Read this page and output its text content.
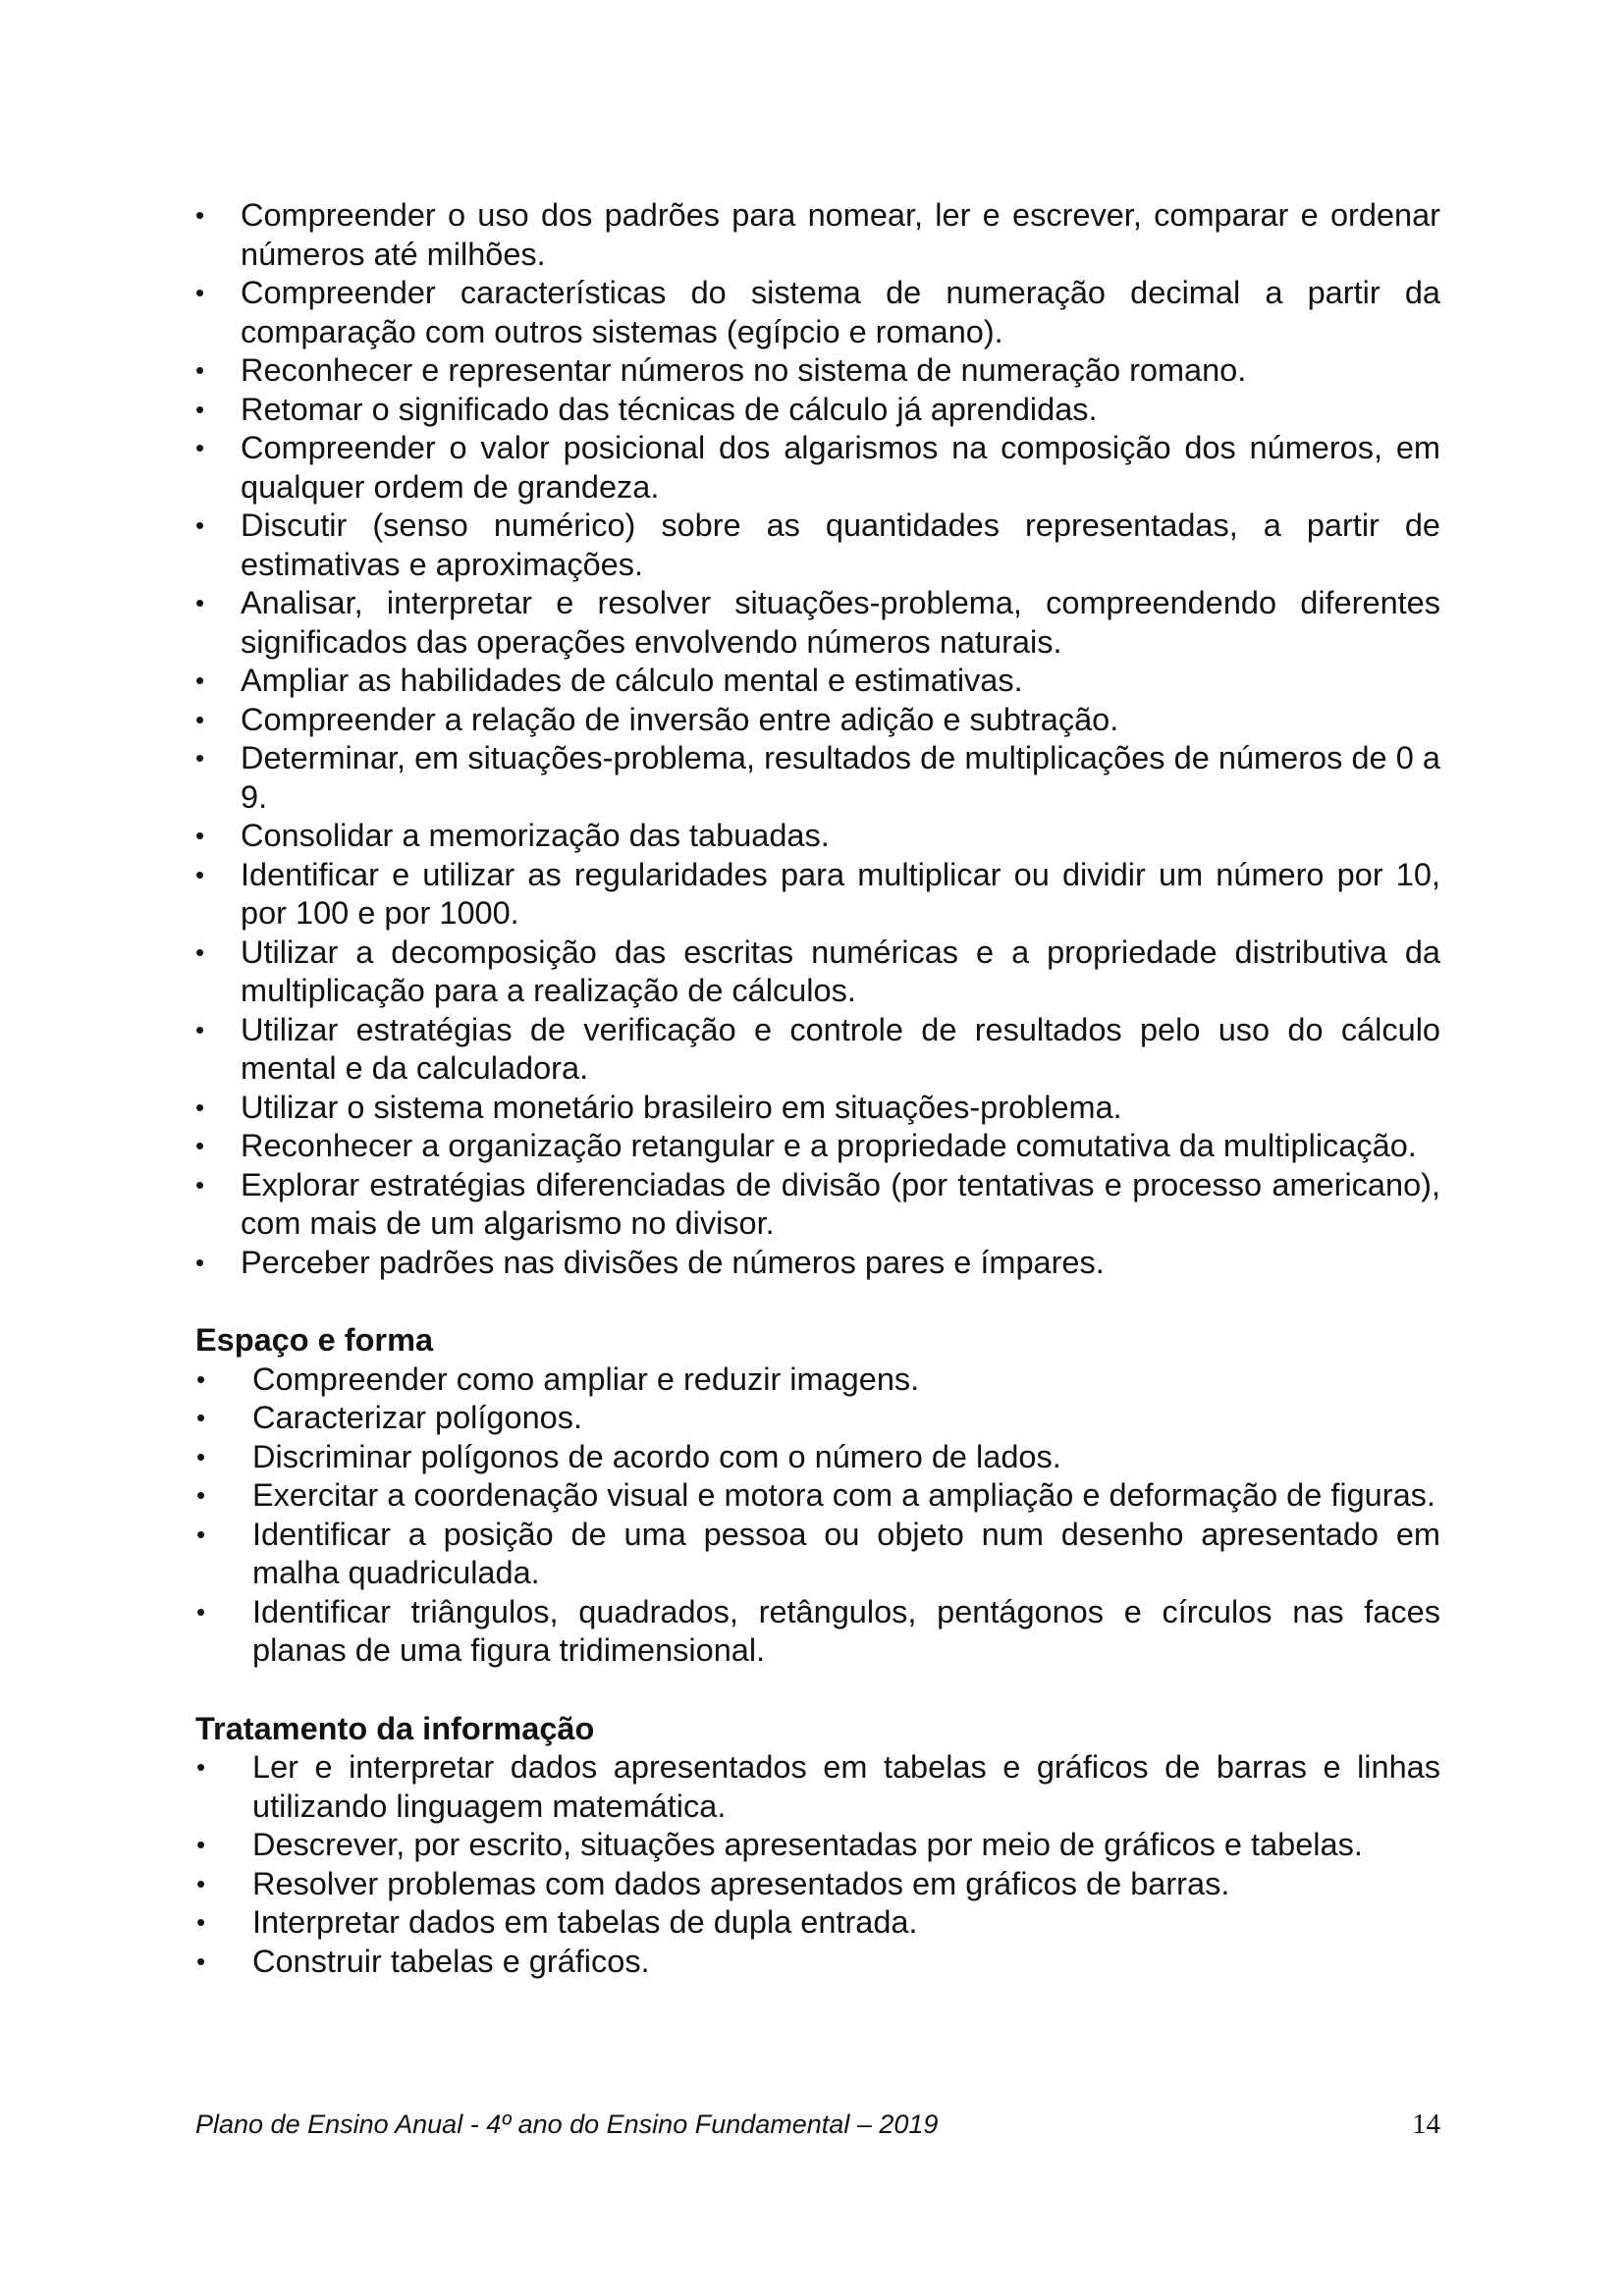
• Compreender o uso dos padrões para nomear, ler e escrever, comparar e ordenar números até milhões.
• Compreender características do sistema de numeração decimal a partir da comparação com outros sistemas (egípcio e romano).
• Reconhecer e representar números no sistema de numeração romano.
• Retomar o significado das técnicas de cálculo já aprendidas.
• Compreender o valor posicional dos algarismos na composição dos números, em qualquer ordem de grandeza.
• Discutir (senso numérico) sobre as quantidades representadas, a partir de estimativas e aproximações.
• Analisar, interpretar e resolver situações-problema, compreendendo diferentes significados das operações envolvendo números naturais.
• Ampliar as habilidades de cálculo mental e estimativas.
• Compreender a relação de inversão entre adição e subtração.
• Determinar, em situações-problema, resultados de multiplicações de números de 0 a 9.
• Consolidar a memorização das tabuadas.
• Identificar e utilizar as regularidades para multiplicar ou dividir um número por 10, por 100 e por 1000.
• Utilizar a decomposição das escritas numéricas e a propriedade distributiva da multiplicação para a realização de cálculos.
• Utilizar estratégias de verificação e controle de resultados pelo uso do cálculo mental e da calculadora.
• Utilizar o sistema monetário brasileiro em situações-problema.
• Reconhecer a organização retangular e a propriedade comutativa da multiplicação.
• Explorar estratégias diferenciadas de divisão (por tentativas e processo americano), com mais de um algarismo no divisor.
• Perceber padrões nas divisões de números pares e ímpares.
Espaço e forma
• Compreender como ampliar e reduzir imagens.
• Caracterizar polígonos.
• Discriminar polígonos de acordo com o número de lados.
• Exercitar a coordenação visual e motora com a ampliação e deformação de figuras.
• Identificar a posição de uma pessoa ou objeto num desenho apresentado em malha quadriculada.
• Identificar triângulos, quadrados, retângulos, pentágonos e círculos nas faces planas de uma figura tridimensional.
Tratamento da informação
• Ler e interpretar dados apresentados em tabelas e gráficos de barras e linhas utilizando linguagem matemática.
• Descrever, por escrito, situações apresentadas por meio de gráficos e tabelas.
• Resolver problemas com dados apresentados em gráficos de barras.
• Interpretar dados em tabelas de dupla entrada.
• Construir tabelas e gráficos.
Plano de Ensino Anual - 4º ano do Ensino Fundamental – 2019	14
